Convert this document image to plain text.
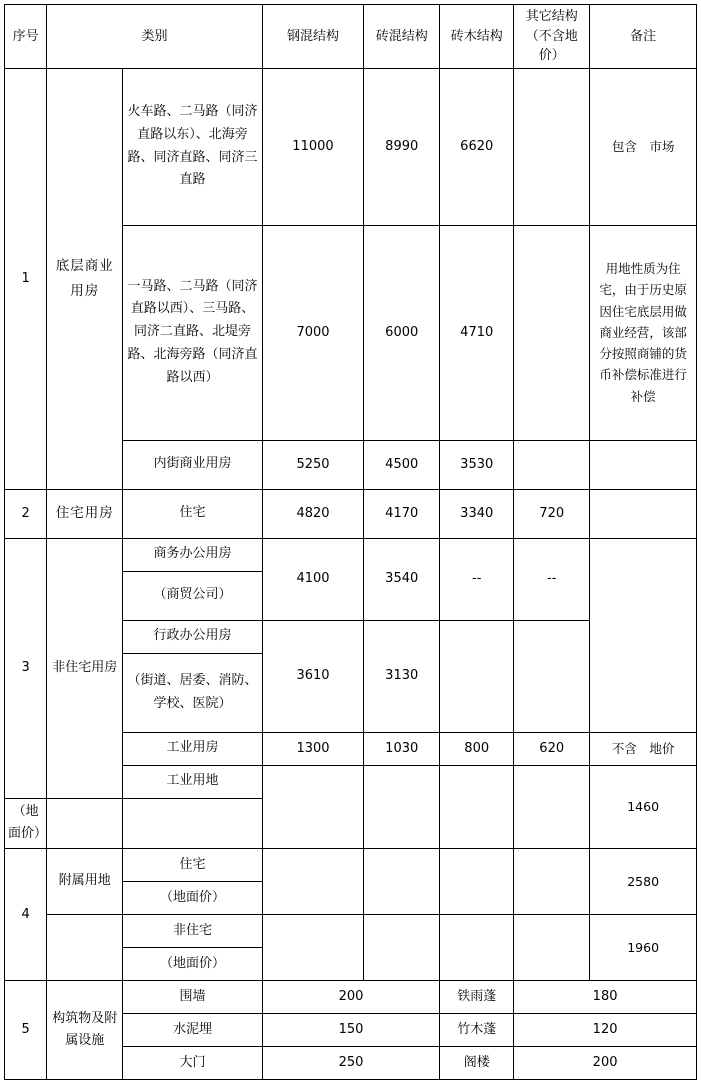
序号	类别		钢混结构	砖混结构	砖木结构	其它结构（不含地价）	备注
1	底层商业用房	火车路、二马路（同济直路以东）、北海旁路、同济直路、同济三直路	11000	8990	6620		包含　市场
		一马路、二马路（同济直路以西）、三马路、同济二直路、北堤旁路、北海旁路（同济直路以西）	7000	6000	4710		用地性质为住宅，由于历史原因住宅底层用做商业经营，该部分按照商铺的货币补偿标准进行补偿
		内街商业用房	5250	4500	3530		
2	住宅用房	住宅	4820	4170	3340	720	
3	非住宅用房	商务办公用房	4100	3540	--	--	
		（商贸公司）					
		行政办公用房	3610	3130			
		（街道、居委、消防、学校、医院）					
		工业用房	1300	1030	800	620	不含　地价
		工业用地					1460
（地面价）							
4	附属用地	住宅					2580
		（地面价）					
		非住宅					1960
		（地面价）					
5	构筑物及附属设施	围墙	200		铁雨蓬	180	
		水泥埋	150		竹木蓬	120	
		大门	250		阁楼	200	
